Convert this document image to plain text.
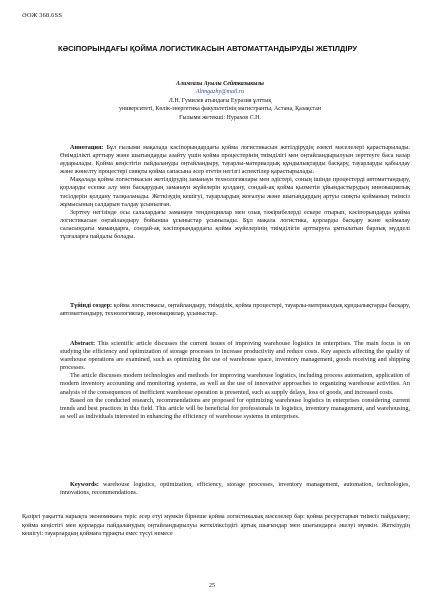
ӘОЖ 368.6SS
КӘСІПОРЫНДАҒЫ ҚОЙМА ЛОГИСТИКАСЫН АВТОМАТТАНДЫРУДЫ ЖЕТІЛДІРУ
Алимгазы Ауылы Сейтказыкызы
Alimgazhy@mail.ru
Л.Н. Гумилев атындағы Еуразия ұлттық
университеті, Көлік-энергетика факультетінің магистранты, Астана, Қазақстан
Ғылыми жетекші: Нурахов С.Н.

Аннотация: Бұл ғылыми мақалада кәсіпорындардағы қойма логистикасын жетілдірудің өзекті мәселелері қарастырылады. Өнімділікті арттыру және шығындарды азайту үшін қойма процестерінің тиімділігі мен оңтайландырылуын зерттеуге баса назар аударылады. Қойма кеңістігін пайдалануды оңтайландыру, тауарлы-материалдық құндылықтарды басқару, тауарларды қабылдау және жөнелту процестері сияқты қойма сапасына әсер ететін негізгі аспектілер қарастырылады.

Мақалада қойма логистикасын жетілдірудің заманауи технологиялары мен әдістері, соның ішінде процестерді автоматтандыру, қорларды есепке алу мен басқарудың заманауи жүйелерін қолдану, сондай-ақ қойма қызметін ұйымдастырудың инновациялық тәсілдерін қолдану талқыланады. Жеткізудің кешігуі, тауарлардың жоғалуы және шығындардың артуы сияқты қойманың тиімсіз жұмысының салдарын талдау ұсынылған.

Зерттеу негізінде осы салалардағы заманауи тенденциялар мен озық тәжірибелерді ескере отырып, кәсіпорындарда қойма логистикасын оңтайландыру бойынша ұсыныстар ұсынылады. Бұл мақала логистика, қорларды басқару және қоймалау саласындағы мамандарға, сондай-ақ кәсіпорындардағы қойма жүйелерінің тиімділігін арттыруға ұмтылатын барлық мүдделі тұлғаларға пайдалы болады.

Түйінді сөздер: қойма логистикасы, оңтайландыру, тиімділік, қойма процестері, тауарлы-материалдық құндылықтарды басқару, автоматтандыру, технологиялар, инновациялар, ұсыныстар.

Abstract: This scientific article discusses the current issues of improving warehouse logistics in enterprises. The main focus is on studying the efficiency and optimization of storage processes to increase productivity and reduce costs. Key aspects affecting the quality of warehouse operations are examined, such as optimizing the use of warehouse space, inventory management, goods receiving and shipping processes.

The article discusses modern technologies and methods for improving warehouse logistics, including process automation, application of modern inventory accounting and monitoring systems, as well as the use of innovative approaches to organizing warehouse activities. An analysis of the consequences of inefficient warehouse operation is presented, such as supply delays, loss of goods, and increased costs.

Based on the conducted research, recommendations are proposed for optimizing warehouse logistics in enterprises considering current trends and best practices in this field. This article will be beneficial for professionals in logistics, inventory management, and warehousing, as well as individuals interested in enhancing the efficiency of warehouse systems in enterprises.

Keywords: warehouse logistics, optimization, efficiency, storage processes, inventory management, automation, technologies, innovations, recommendations.

Қазіргі уақытта нарықта экономикаға теріс әсер етуі мүмкін бірнеше қойма логистикалық мәселелер бар: қойма ресурстарын тиімсіз пайдалану; қойма кеңістігі мен қорларды пайдаланудың оңтайландырылуы жеткіліксіздігі артық шығындар мен шығындарға әкелуі мүмкін. Жеткізудің кешігуі: тауарлардың қоймаға тұрақты емес түсуі немесе

25
